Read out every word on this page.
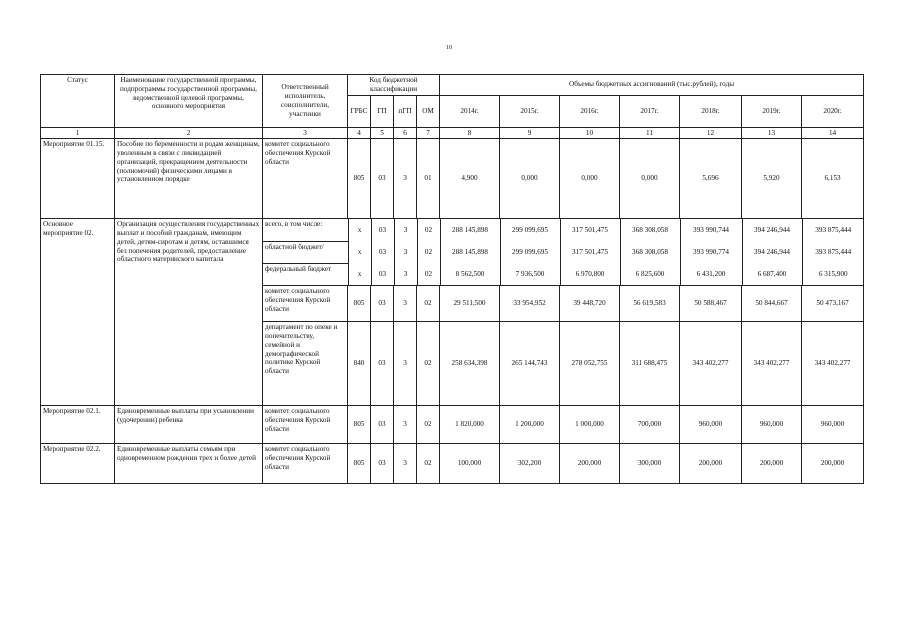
10
Статус	Наименование государственной программы, подпрограммы государственной программы, ведомственной целевой программы, основного мероприятия	Ответственный исполнитель, соисполнители, участники	Код бюджетной классификации	Объемы бюджетных ассигнований (тыс.рублей), годы
ГРБС	ГП	пГП	ОМ	2014г.	2015г.	2016г.	2017г.	2018г.	2019г.	2020г.
1	2	3	4	5	6	7	8	9	10	11	12	13	14
Мероприятие 01.15.	Пособие по беременности и родам женщинам, уволенным в связи с ликвидацией организаций, прекращением деятельности (полномочий) физическими лицами в установленном порядке	комитет социального обеспечения Курской области	805	03	3	01	4,900	0,000	0,000	0,000	5,696	5,920	6,153
Основное мероприятие 02.	Организация осуществления государственных выплат и пособий гражданам, имеющим детей, детям-сиротам и детям, оставшимся без попечения родителей, предоставление областного материнского капитала	
всего, в том числе:	х	03	3	02	288 145,898	299 099,695	317 501,475	368 308,058	393 990,744	394 246,944	393 875,444
областной бюджет/	х	03	3	02	288 145,898	299 099,695	317 501,475	368 308,058	393 990,774	394 246,944	393 875,444
федеральный бюджет	х	03	3	02	8 562,500	7 936,500	6 970,800	6 825,600	6 431,200	6 687,400	6 315,900

комитет социального обеспечения Курской области	805	03	3	02	29 511,500	33 954,952	39 448,720	56 619,583	50 588,467	50 844,667	50 473,167
департамент по опеке и попечительству, семейной и демографической политике Курской области	840	03	3	02	258 634,398	265 144,743	278 052,755	311 688,475	343 402,277	343 402,277	343 402,277
Мероприятие 02.1.	Единовременные выплаты при усыновлении (удочерении) ребенка	комитет социального обеспечения Курской области	805	03	3	02	1 820,000	1 200,000	1 000,000	700,000	960,000	960,000	960,000
Мероприятие 02.2.	Единовременные выплаты семьям при одновременном рождении трех и более детей	комитет социального обеспечения Курской области	805	03	3	02	100,000	302,200	200,000	300,000	200,000	200,000	200,000
